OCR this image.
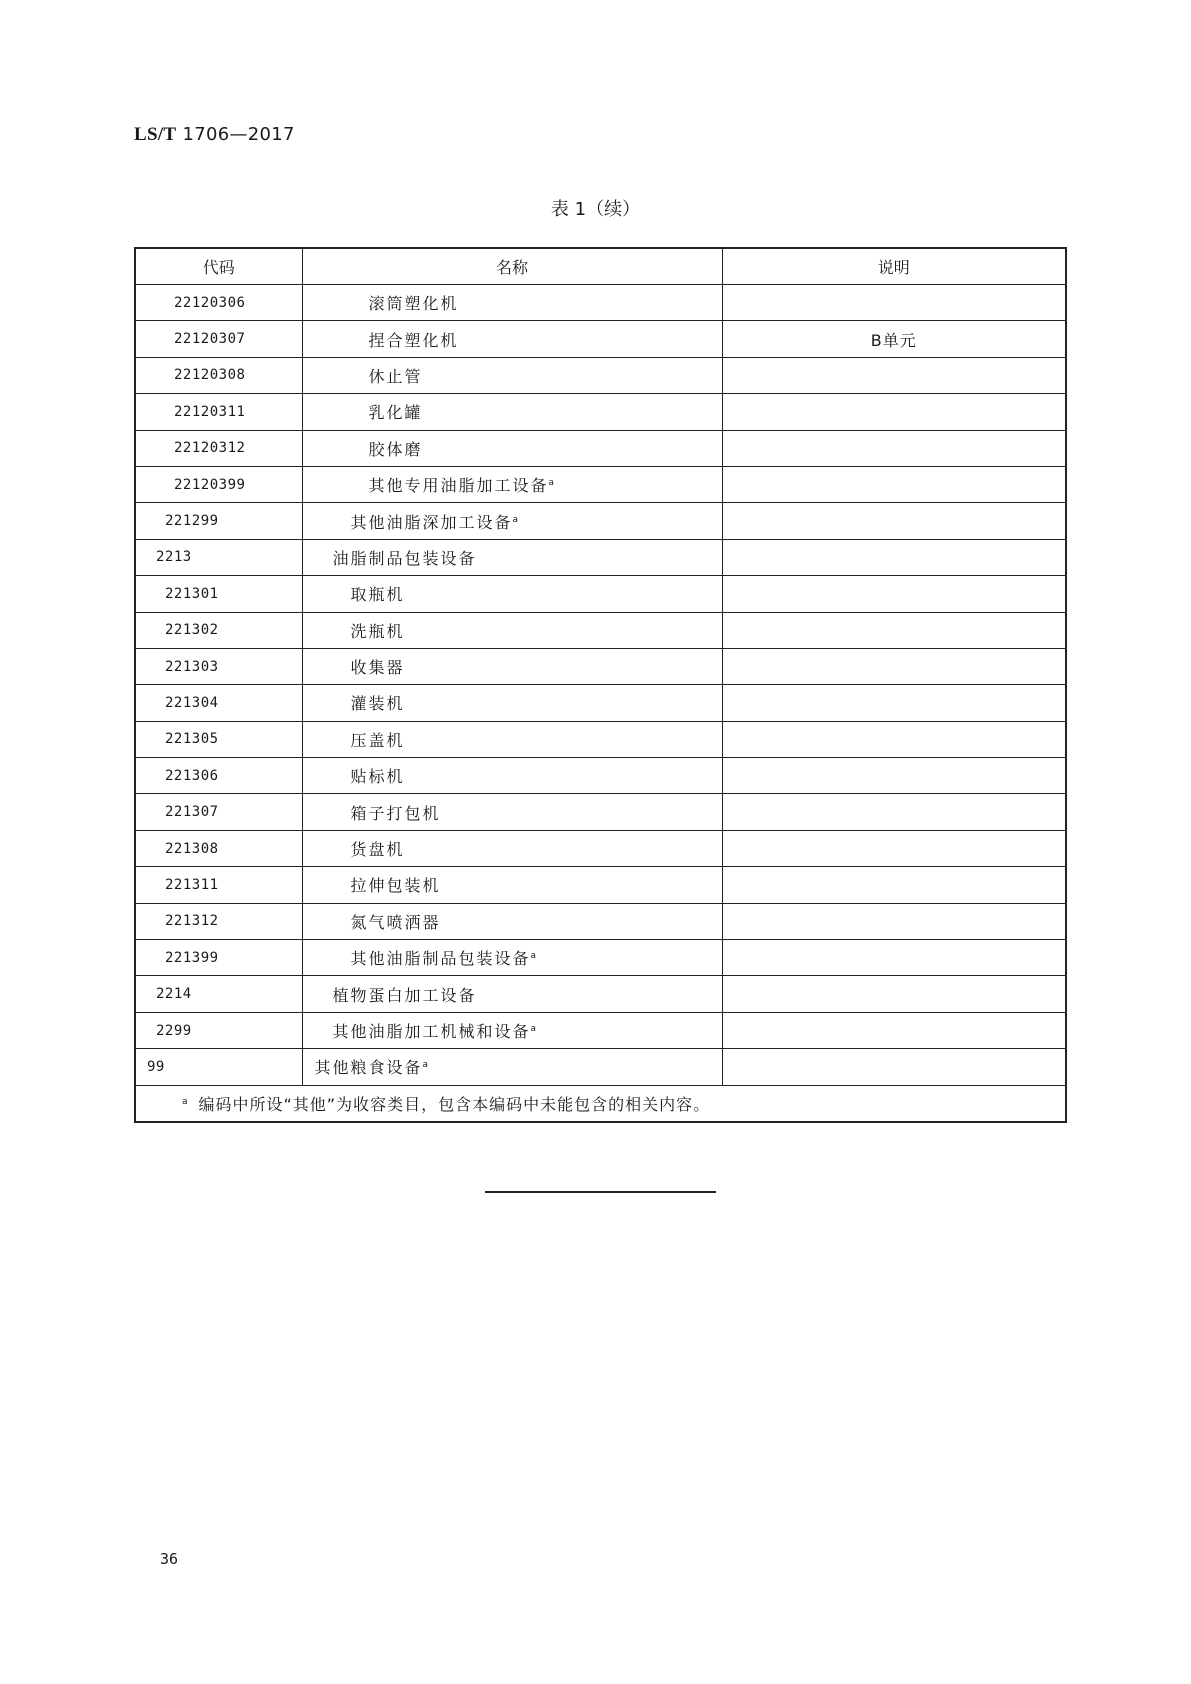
LS/T 1706—2017
表 1（续）
代码	名称	说明
22120306	滚筒塑化机	
22120307	捏合塑化机	B单元
22120308	休止管	
22120311	乳化罐	
22120312	胶体磨	
22120399	其他专用油脂加工设备$^a$	
221299	其他油脂深加工设备$^a$	
2213	油脂制品包装设备	
221301	取瓶机	
221302	洗瓶机	
221303	收集器	
221304	灌装机	
221305	压盖机	
221306	贴标机	
221307	箱子打包机	
221308	货盘机	
221311	拉伸包装机	
221312	氮气喷洒器	
221399	其他油脂制品包装设备$^a$	
2214	植物蛋白加工设备	
2299	其他油脂加工机械和设备$^a$	
99	其他粮食设备$^a$	
$^a$ 编码中所设“其他”为收容类目，包含本编码中未能包含的相关内容。		
36
